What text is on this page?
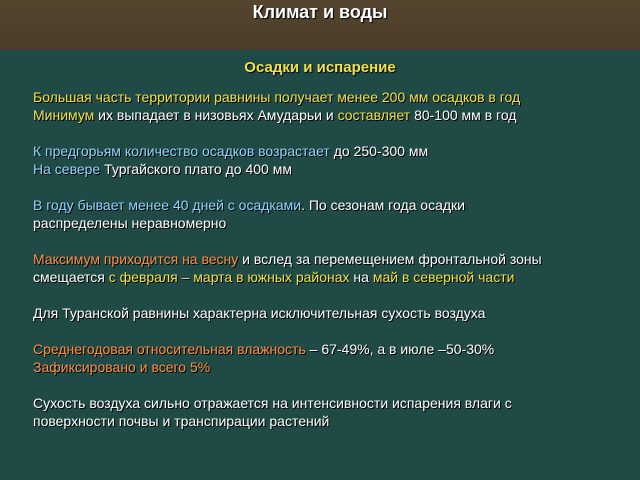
Климат и воды
Осадки и испарение
Большая часть территории равнины получает менее 200 мм осадков в год
Минимум их выпадает в низовьях Амударьи и составляет 80-100 мм в год
К предгорьям количество осадков возрастает до 250-300 мм
На севере Тургайского плато до 400 мм
В году бывает менее 40 дней с осадками. По сезонам года осадки
распределены неравномерно
Максимум приходится на весну и вслед за перемещением фронтальной зоны
смещается с февраля – марта в южных районах на май в северной части
Для Туранской равнины характерна исключительная сухость воздуха
Среднегодовая относительная влажность – 67-49%, а в июле –50-30%
Зафиксировано и всего 5%
Сухость воздуха сильно отражается на интенсивности испарения влаги с
поверхности почвы и транспирации растений
